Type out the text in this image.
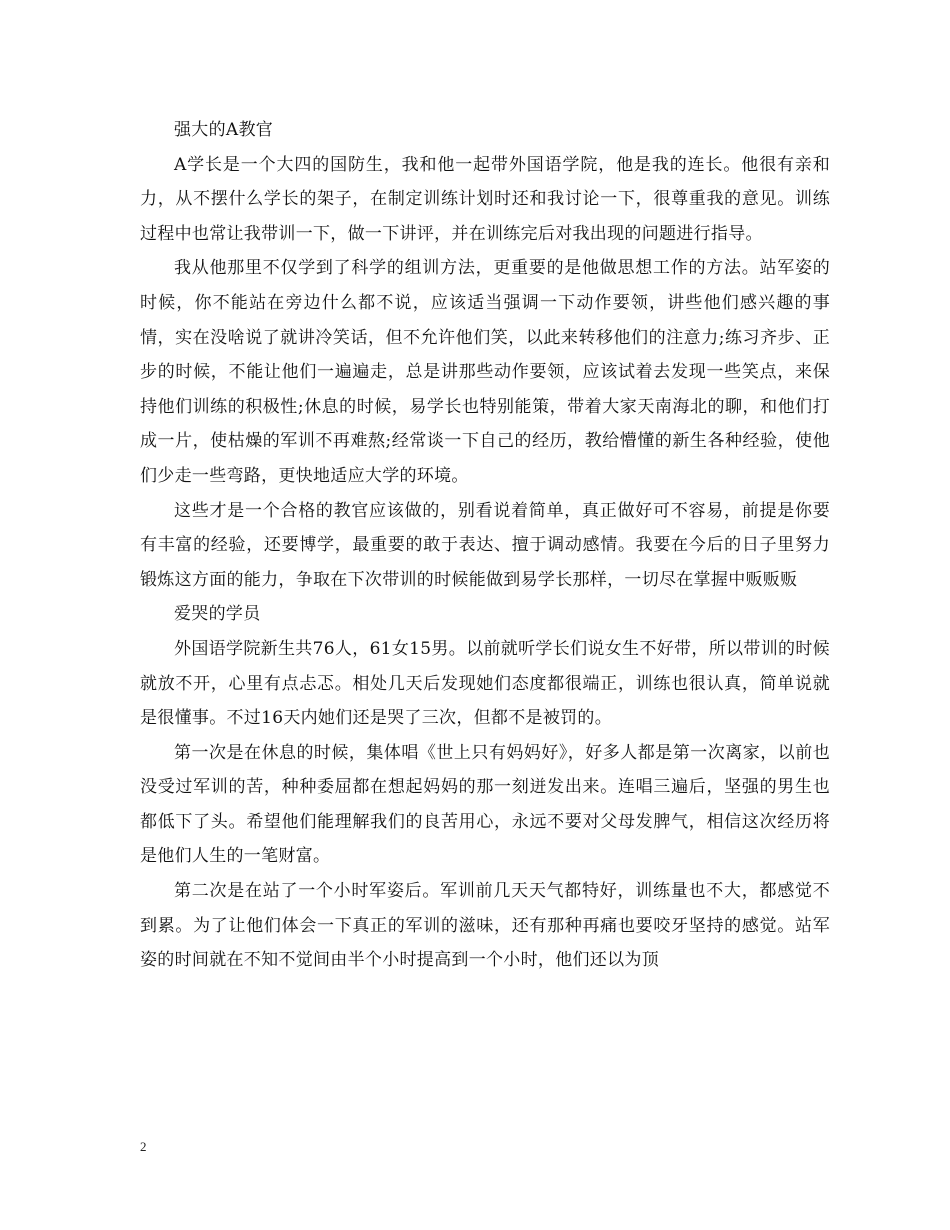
强大的A教官

A学长是一个大四的国防生，我和他一起带外国语学院，他是我的连长。他很有亲和力，从不摆什么学长的架子，在制定训练计划时还和我讨论一下，很尊重我的意见。训练过程中也常让我带训一下，做一下讲评，并在训练完后对我出现的问题进行指导。

我从他那里不仅学到了科学的组训方法，更重要的是他做思想工作的方法。站军姿的时候，你不能站在旁边什么都不说，应该适当强调一下动作要领，讲些他们感兴趣的事情，实在没啥说了就讲冷笑话，但不允许他们笑，以此来转移他们的注意力;练习齐步、正步的时候，不能让他们一遍遍走，总是讲那些动作要领，应该试着去发现一些笑点，来保持他们训练的积极性;休息的时候，易学长也特别能策，带着大家天南海北的聊，和他们打成一片，使枯燥的军训不再难熬;经常谈一下自己的经历，教给懵懂的新生各种经验，使他们少走一些弯路，更快地适应大学的环境。

这些才是一个合格的教官应该做的，别看说着简单，真正做好可不容易，前提是你要有丰富的经验，还要博学，最重要的敢于表达、擅于调动感情。我要在今后的日子里努力锻炼这方面的能力，争取在下次带训的时候能做到易学长那样，一切尽在掌握中贩贩贩

爱哭的学员

外国语学院新生共76人，61女15男。以前就听学长们说女生不好带，所以带训的时候就放不开，心里有点忐忑。相处几天后发现她们态度都很端正，训练也很认真，简单说就是很懂事。不过16天内她们还是哭了三次，但都不是被罚的。

第一次是在休息的时候，集体唱《世上只有妈妈好》，好多人都是第一次离家，以前也没受过军训的苦，种种委屈都在想起妈妈的那一刻迸发出来。连唱三遍后，坚强的男生也都低下了头。希望他们能理解我们的良苦用心，永远不要对父母发脾气，相信这次经历将是他们人生的一笔财富。

第二次是在站了一个小时军姿后。军训前几天天气都特好，训练量也不大，都感觉不到累。为了让他们体会一下真正的军训的滋味，还有那种再痛也要咬牙坚持的感觉。站军姿的时间就在不知不觉间由半个小时提高到一个小时，他们还以为顶

2
